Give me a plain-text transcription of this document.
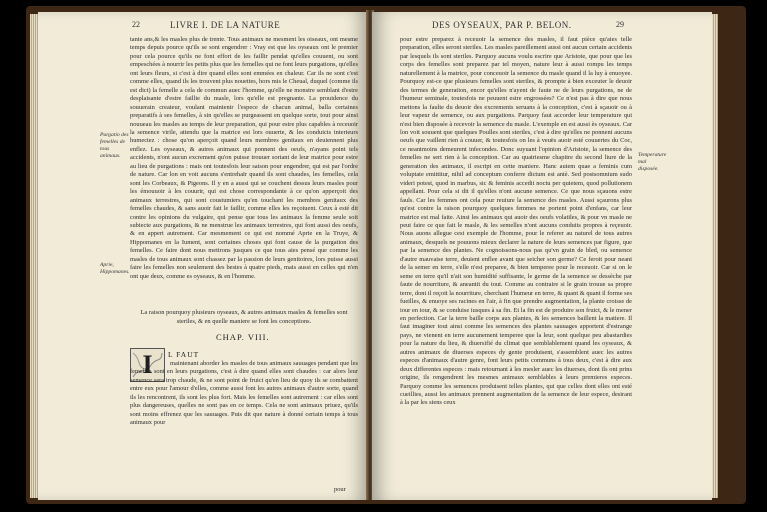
22	LIVRE I. DE LA NATURE

tante ans,& les masles plus de trente. Tous animaux ne mesment les oiseaux, ont mesme temps depuis pource qu'ils se sont engendrer : Vray est que les oyseaux ont le premier pour cela pource qu'ils ne font effort de les faillir pendat qu'elles couuent, ou sont empeschées à nourrir les petits plus que les femelles qui ne font leurs purgations, qu'elles ont leurs fleurs, si c'est à dire quand elles sont emmées en chaleur. Car ils ne sont c'est comme elles, quand ils les trouvent plus nouettes, hors mis le Cheual, duquel (comme ils est dict) la femelle a cela de commun auec l'homme, qu'elle ne monstre semblant d'estre desplaisante d'estre faillie du masle, lors qu'elle est pregnante. La prouidence du souuerain createur, voulant maintenir l'espece de chacun animal, balla certaines preparatifs à ses femelles, à sin qu'elles se purgeassent en quelque sorte, tout pour ainsi nouueau les masles au temps de leur preparation, qui pour estre plus capables à receuoir la semence virile, attendu que la matrice est lors ouuerte, & les conduicts interieurs humectez : chose qu'on aperçoit quand leurs membres genitaux en deuiennent plus enflez. Les oyseaux, & autres animaux qui ponnent des oeufs, n'ayans point tels accidents, n'ont aucun excrement qu'on puisse trouuer sortant de leur matrice pour estre au lieu de purgations : mais ont toutesfois leur saison pour engendrer, qui est par l'ordre de nature. Car lon en voit aucuns s'entrehaïr quand ils sont chaudes, les femelles, cela sont les Corbeaux, & Pigeons. Il y en a aussi qui se couchent dessus leurs masles pour les émouuoir à les couurir, qui est chose correspondante à ce qu'on apperçoit des animaux terrestres, qui sont coustumiers qu'en touchant les membres genitaux des femelles chaudes, & sans auoir fait le faillir, comme elles les reçoiuent. Ceux à esté dit contre les opinions du vulgaire, qui pense que tous les animaux la femme seule soit subiecte aux purgations, & ne menstrue les animaux terrestres, qui font aussi des oeufs, & en appert autrement. Car mesmement ce qui est nommé Aprie en la Truye, & Hippomanes en la Iument, sont certaines choses qui font cause de la purgation des femelles. Ce faire dont nous mettrons jusques ce que tous aies pensé que comme les masles de tous animaux sont chassez par la passion de leurs genitoires, lors puisse aussi faire les femelles non seulement des bestes à quatre pieds, mais aussi en celles qui n'en ont que deux, comme es oyseaux, & en l'homme.

La raison pourquoy plusieurs oyseaux, & autres animaux masles & femelles sont steriles, & en quelle maniere se font les conceptions.
CHAP. VIII.
I	L FAUT

maintenant aborder les masles de tous animaux sauuages pendant que les femelles sont en leurs purgations, c'est à dire quand elles sont chaudes : car alors leur semence sera trop chaude, & ne sont point de fruict qu'en lieu de quoy ils se combattent entre eux pour l'amour d'elles, comme aussi font les autres animaux d'autre sorte, quand ils les rencontrent, ils sont les plus fort. Mais les femelles sont autrement : car elles sont plus dangereuses, quelles ne sont pas en ce temps. Cela ne sont animaux priuez, qu'ils sont moins effrenez que les sauuages. Puis dit que nature à donné certain temps à tous animaux pour

pour
Purgatio des femelles de tous animaux.
Aprie, Hippomanes.
DES OYSEAUX, PAR P. BELON.	29

pour estre preparez à receuoir la semence des masles, il faut pièce qu'aies telle preparation, elles seront steriles. Les masles pareillement aussi ont aucun certain accidents par lesquels ils sont steriles. Parquoy aucuns voulu escrire que Aristote, que pour que les corps des femelles sont preparez par tel moyen, nature leur à aussi rompu les temps naturellement à la matrice, pour conceuoir la semence du masle quand il la luy à enuoyee. Pourquoy est-ce que plusieurs femelles sont steriles, & prompte à bien exceuter le deuoir des termes de generation, encor qu'elles n'ayent de faute ne de leurs purgations, ne de l'humeur seminale, toutesfois ne peuuent estre engrossées? Ce n'est pas à dire que nous mettons la faulte du deuoir des excrements seruans à la conception, c'est à sçauoir ou à leur vapeur de semence, ou aux purgations. Parquoy faut accorder leur temperature qui n'est bien disposée à recevoir la semence du masle. L'exemple en est aussi ès oyseaux. Car lon voit souuent que quelques Poulles sont steriles, c'est à dire qu'elles ne ponnent aucuns oeufs que vaillent rien à couuer, & toutesfois on les à veuës auoir esté couuertes du Coc, ce neantmoins demeurent infecondes. Donc suyuant l'opinion d'Aristote, la semence des femelles ne sert rien à la conception. Car au quatriesme chapitre du second liure de la generation des animaux, il escript en cette maniere. Hanc autem quae a feminis cum voluptate emittitur, nihil ad conceptum conferre dictum est antè. Sed postsomnium sudo videri potest, quod in marbus, sic & feminis accedit noctu per quietem, quod pollutionem appellant. Pour cela si dit il qu'elles n'ont aucune semence. Ce que nous sçauons estre fauls. Car les femmes ont cela pour reuiure la semence des masles. Aussi sçaurons plus qu'est contre la raison pourquoy quelques femmes ne portent point d'enfans, car leur matrice est mal faite. Ainsi les animaux qui auoir des oeufs volatiles, & pour vn masle ne peut faire ce que fait le masle, & les semelles n'ont aucuns conduits propres à reçeuoir. Nous auons allegue cest exemple de l'homme, pour le referer au naturel de tous autres animaux, desquels ne pouuons mieux declarer la nature de leurs semences par figure, que par la semence des plantes. Ne cognoissons-nous pas qu'vn grain de bled, ou semence d'autre mauvaise terre, deuient enflee avant que seicher son germe? Ce feroit pour neant de la semer en terre, s'elle n'est preparee, & bien temperee pour le receuoir. Car si on le seme en terre qu'il n'ait son humidité suffisante, le germe de la semence se dessèche par faute de nourriture, & aneantit du tout. Comme au contraire si le grain trouue sa propre terre, dont il reçoit la nourriture, cherchant l'humeur en terre, & quant & quant il forme ses fueilles, & enuoye ses racines en l'air, à fin que prendre augmentation, la plante croisse de iour en iour, & se conduise iusques à sa fin. Et la fin est de produire son fruict, & le mener en perfection. Car la terre baille corps aux plantes, & les semences baillent la matiere. Il faut imaginer tout ainsi comme les semences des plantes sauuages apportent d'estrange pays, ne vienent en terre aucunement temperee que la leur, sont quelque peu abastardies pour la nature du lieu, & diuersifié du climat que semblablement quand les oyseaux, & autres animaux de diuerses especes dy gente produisent, s'assemblent auec les autres especes d'animaux d'autre genre, font leurs petits communs à tous deux, c'est à dire aux deux differentes especes : mais retournant à les mesler auec les diuerses, dont ils ont prins origine, ils rengendrent les mesmes animaux semblables à leurs premieres especes. Parquoy comme les semences produisent telles plantes, qui que celles dont elles ont esté cueillies, aussi les animaux prennent augmentation de la semence de leur espece, desirant à la par les siens ceux

Temperature mal disposée.
